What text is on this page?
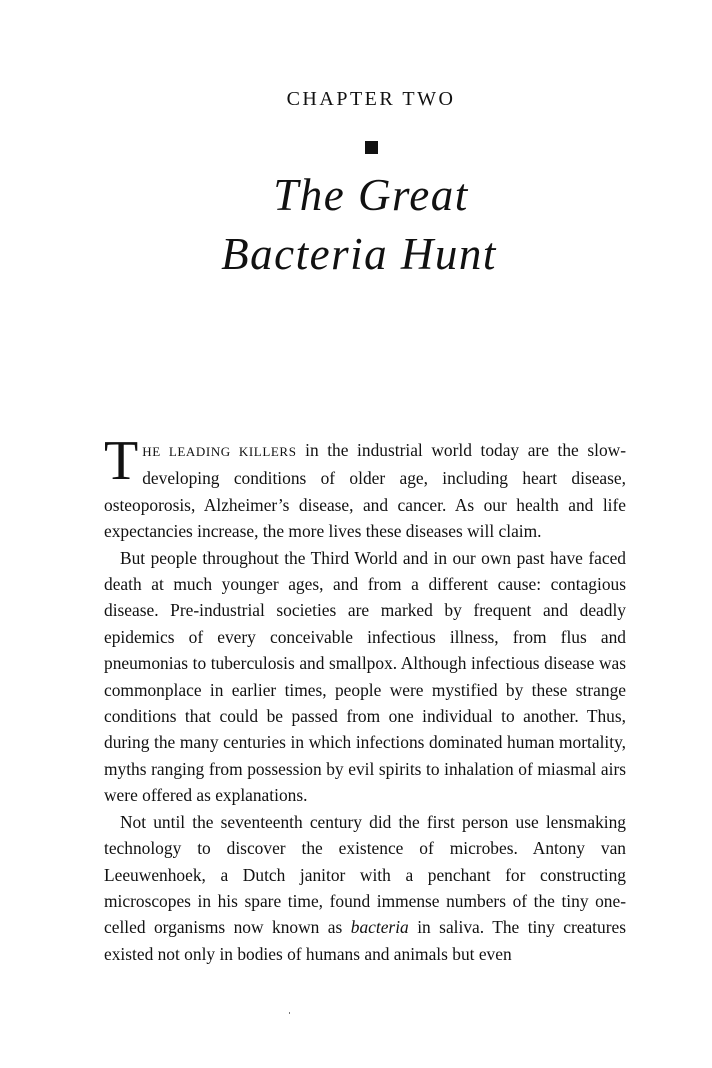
CHAPTER TWO
The Great
Bacteria Hunt

THE LEADING KILLERS in the industrial world today are the slow-developing conditions of older age, including heart disease, osteoporosis, Alzheimer’s disease, and cancer. As our health and life expectancies increase, the more lives these diseases will claim.

But people throughout the Third World and in our own past have faced death at much younger ages, and from a different cause: contagious disease. Pre-industrial societies are marked by frequent and deadly epidemics of every conceivable infectious illness, from flus and pneumonias to tuberculosis and smallpox. Although infectious disease was commonplace in earlier times, people were mystified by these strange conditions that could be passed from one individual to another. Thus, during the many centuries in which infections dominated human mortality, myths ranging from possession by evil spirits to inhalation of miasmal airs were offered as explanations.

Not until the seventeenth century did the first person use lensmaking technology to discover the existence of microbes. Antony van Leeuwenhoek, a Dutch janitor with a penchant for constructing microscopes in his spare time, found immense numbers of the tiny one-celled organisms now known as bacteria in saliva. The tiny creatures existed not only in bodies of humans and animals but even
